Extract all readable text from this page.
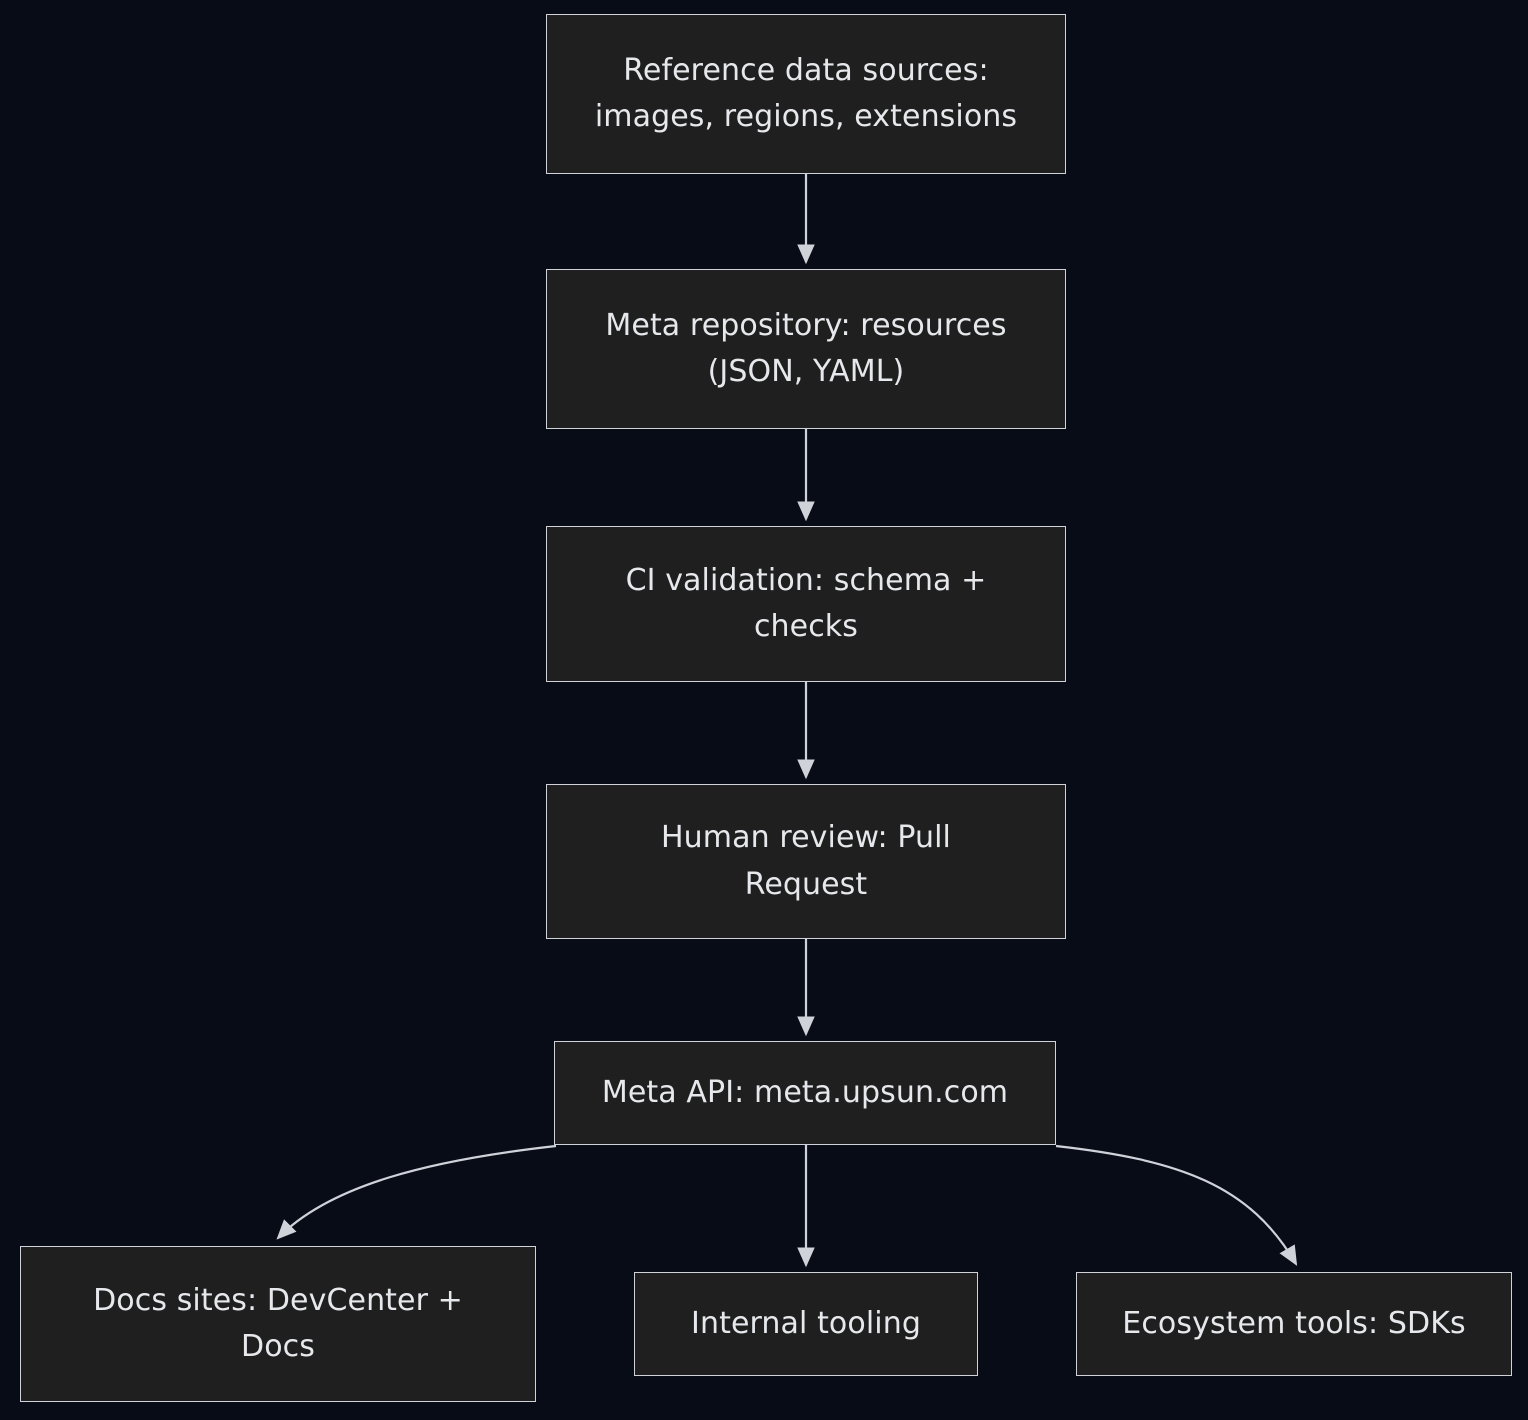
Reference data sources:
images, regions, extensions
Meta repository: resources
(JSON, YAML)
CI validation: schema +
checks
Human review: Pull
Request
Meta API: meta.upsun.com
Docs sites: DevCenter +
Docs
Internal tooling	Ecosystem tools: SDKs
